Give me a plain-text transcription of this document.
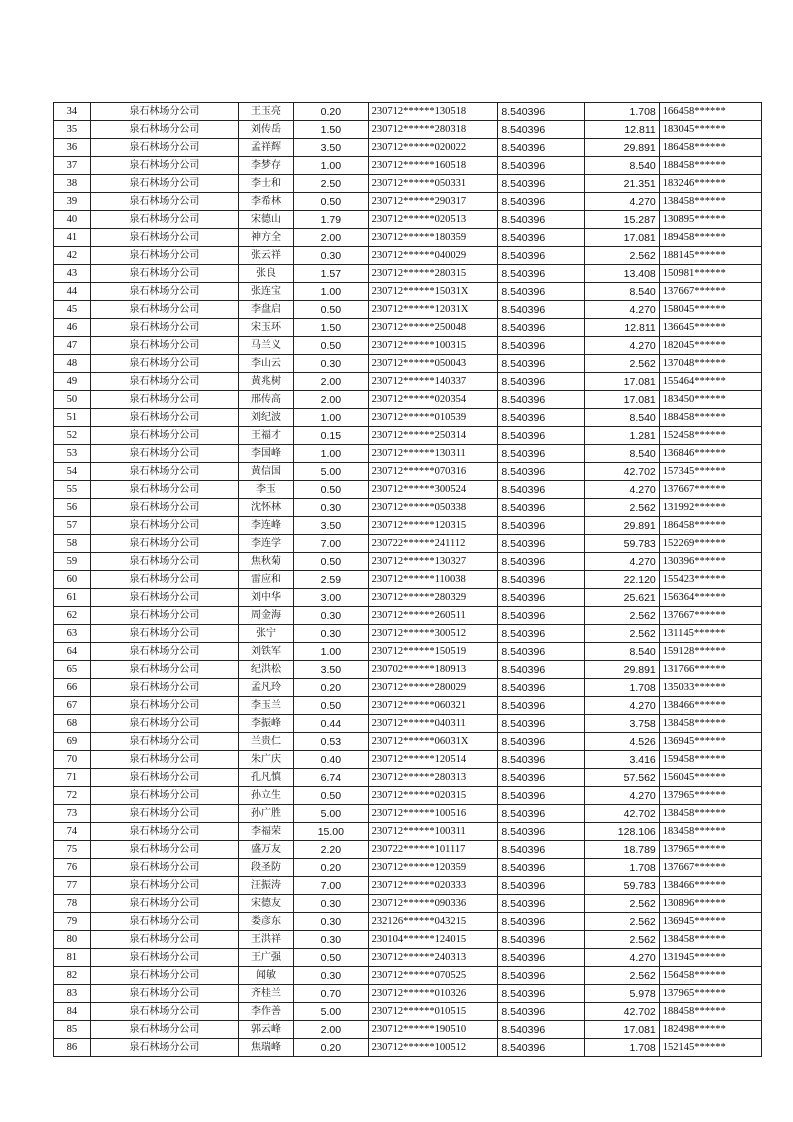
34	泉石林场分公司	王玉亮	0.20	230712******130518	8.540396	1.708	166458******
35	泉石林场分公司	刘传岳	1.50	230712******280318	8.540396	12.811	183045******
36	泉石林场分公司	孟祥辉	3.50	230712******020022	8.540396	29.891	186458******
37	泉石林场分公司	李梦存	1.00	230712******160518	8.540396	8.540	188458******
38	泉石林场分公司	李士和	2.50	230712******050331	8.540396	21.351	183246******
39	泉石林场分公司	李希林	0.50	230712******290317	8.540396	4.270	138458******
40	泉石林场分公司	宋德山	1.79	230712******020513	8.540396	15.287	130895******
41	泉石林场分公司	神方全	2.00	230712******180359	8.540396	17.081	189458******
42	泉石林场分公司	张云祥	0.30	230712******040029	8.540396	2.562	188145******
43	泉石林场分公司	张良	1.57	230712******280315	8.540396	13.408	150981******
44	泉石林场分公司	张连宝	1.00	230712******15031X	8.540396	8.540	137667******
45	泉石林场分公司	李盘启	0.50	230712******12031X	8.540396	4.270	158045******
46	泉石林场分公司	宋玉环	1.50	230712******250048	8.540396	12.811	136645******
47	泉石林场分公司	马兰义	0.50	230712******100315	8.540396	4.270	182045******
48	泉石林场分公司	李山云	0.30	230712******050043	8.540396	2.562	137048******
49	泉石林场分公司	黄兆树	2.00	230712******140337	8.540396	17.081	155464******
50	泉石林场分公司	邢传高	2.00	230712******020354	8.540396	17.081	183450******
51	泉石林场分公司	刘纪波	1.00	230712******010539	8.540396	8.540	188458******
52	泉石林场分公司	王福才	0.15	230712******250314	8.540396	1.281	152458******
53	泉石林场分公司	李国峰	1.00	230712******130311	8.540396	8.540	136846******
54	泉石林场分公司	黄信国	5.00	230712******070316	8.540396	42.702	157345******
55	泉石林场分公司	李玉	0.50	230712******300524	8.540396	4.270	137667******
56	泉石林场分公司	沈怀林	0.30	230712******050338	8.540396	2.562	131992******
57	泉石林场分公司	李连峰	3.50	230712******120315	8.540396	29.891	186458******
58	泉石林场分公司	李连学	7.00	230722******241112	8.540396	59.783	152269******
59	泉石林场分公司	焦秋菊	0.50	230712******130327	8.540396	4.270	130396******
60	泉石林场分公司	雷应和	2.59	230712******110038	8.540396	22.120	155423******
61	泉石林场分公司	刘中华	3.00	230712******280329	8.540396	25.621	156364******
62	泉石林场分公司	周金海	0.30	230712******260511	8.540396	2.562	137667******
63	泉石林场分公司	张宁	0.30	230712******300512	8.540396	2.562	131145******
64	泉石林场分公司	刘铁军	1.00	230712******150519	8.540396	8.540	159128******
65	泉石林场分公司	纪洪松	3.50	230702******180913	8.540396	29.891	131766******
66	泉石林场分公司	孟凡玲	0.20	230712******280029	8.540396	1.708	135033******
67	泉石林场分公司	李玉兰	0.50	230712******060321	8.540396	4.270	138466******
68	泉石林场分公司	李振峰	0.44	230712******040311	8.540396	3.758	138458******
69	泉石林场分公司	兰贵仁	0.53	230712******06031X	8.540396	4.526	136945******
70	泉石林场分公司	朱广庆	0.40	230712******120514	8.540396	3.416	159458******
71	泉石林场分公司	孔凡慎	6.74	230712******280313	8.540396	57.562	156045******
72	泉石林场分公司	孙立生	0.50	230712******020315	8.540396	4.270	137965******
73	泉石林场分公司	孙广胜	5.00	230712******100516	8.540396	42.702	138458******
74	泉石林场分公司	李福荣	15.00	230712******100311	8.540396	128.106	183458******
75	泉石林场分公司	盛万友	2.20	230722******101117	8.540396	18.789	137965******
76	泉石林场分公司	段圣防	0.20	230712******120359	8.540396	1.708	137667******
77	泉石林场分公司	汪振涛	7.00	230712******020333	8.540396	59.783	138466******
78	泉石林场分公司	宋德友	0.30	230712******090336	8.540396	2.562	130896******
79	泉石林场分公司	娄彦东	0.30	232126******043215	8.540396	2.562	136945******
80	泉石林场分公司	王洪祥	0.30	230104******124015	8.540396	2.562	138458******
81	泉石林场分公司	王广强	0.50	230712******240313	8.540396	4.270	131945******
82	泉石林场分公司	闻敏	0.30	230712******070525	8.540396	2.562	156458******
83	泉石林场分公司	齐桂兰	0.70	230712******010326	8.540396	5.978	137965******
84	泉石林场分公司	李作善	5.00	230712******010515	8.540396	42.702	188458******
85	泉石林场分公司	郭云峰	2.00	230712******190510	8.540396	17.081	182498******
86	泉石林场分公司	焦瑞峰	0.20	230712******100512	8.540396	1.708	152145******
